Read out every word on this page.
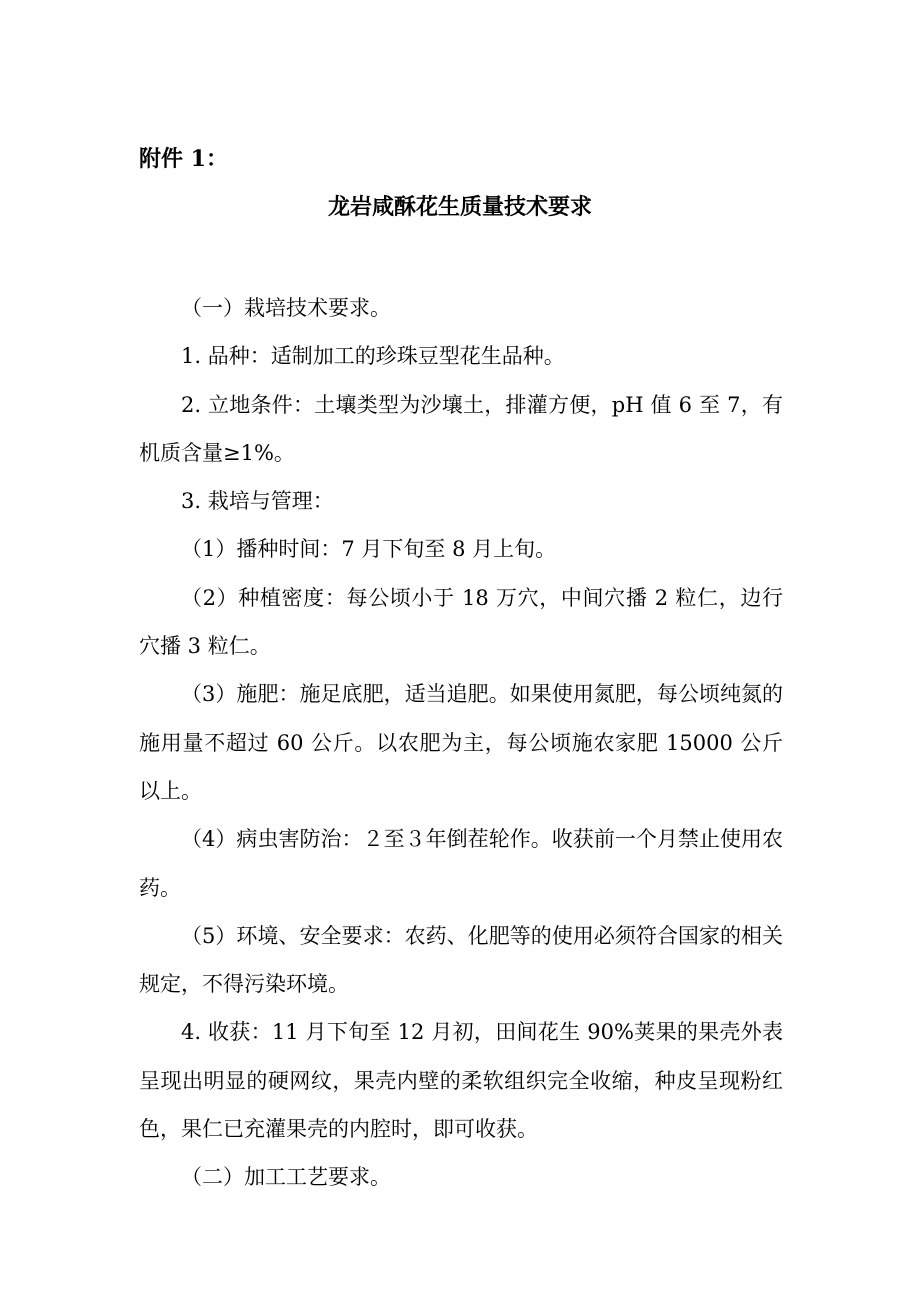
附件 1：
龙岩咸酥花生质量技术要求

（一）栽培技术要求。

1. 品种：适制加工的珍珠豆型花生品种。

2. 立地条件：土壤类型为沙壤土，排灌方便，pH 值 6 至 7，有机质含量≥1%。

3. 栽培与管理：

（1）播种时间：7 月下旬至 8 月上旬。

（2）种植密度：每公顷小于 18 万穴，中间穴播 2 粒仁，边行穴播 3 粒仁。

（3）施肥：施足底肥，适当追肥。如果使用氮肥，每公顷纯氮的施用量不超过 60 公斤。以农肥为主，每公顷施农家肥 15000 公斤以上。

（4）病虫害防治：２至３年倒茬轮作。收获前一个月禁止使用农药。

（5）环境、安全要求：农药、化肥等的使用必须符合国家的相关规定，不得污染环境。

4. 收获：11 月下旬至 12 月初，田间花生 90%荚果的果壳外表呈现出明显的硬网纹，果壳内壁的柔软组织完全收缩，种皮呈现粉红色，果仁已充灌果壳的内腔时，即可收获。

（二）加工工艺要求。
